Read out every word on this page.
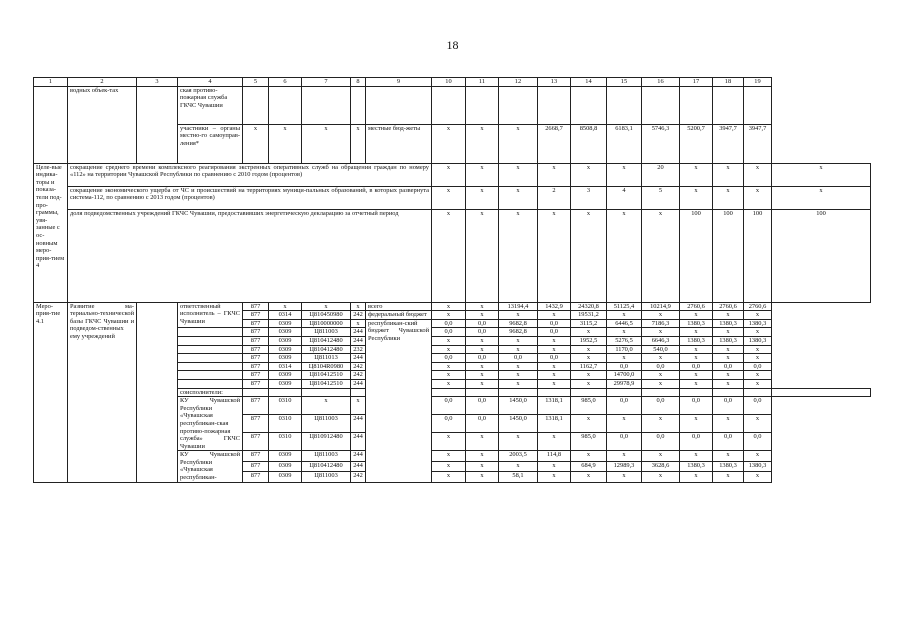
18
1	2	3	4	5	6	7	8	9	10	11	12	13	14	15	16	17	18	19	
	водных объек-тах		ская противо-пожарная служба ГКЧС Чувашии																
			участники – органы местно-го самоуправ-ления*	х	х	х	х	местные бюд-жеты	х	х	х	2668,7	8508,8	6183,1	5746,3	5200,7	3947,7	3947,7	
Целе-вые индика-торы и показа-тели под-про-граммы, увя-занные с ос-новным меро-прия-тием 4	сокращение среднего времени комплексного реагирования экстренных оперативных служб на обращения граждан по номеру «112» на территории Чувашской Республики по сравнению с 2010 годом (процентов)								х	х	х	х	х	х	20	х	х	х	х
	сокращение экономического ущерба от ЧС и происшествий на территориях муници-пальных образований, в которых развернута система-112, по сравнению с 2013 годом (процентов)								х	х	х	2	3	4	5	х	х	х	х
	доля подведомственных учреждений ГКЧС Чувашии, предоставивших энергетическую декларацию за отчетный период								х	х	х	х	х	х	х	100	100	100	100
Меро-прия-тие 4.1	Развитие ма-териально-технической базы ГКЧС Чувашии и подведом-ственных ему учреждений		ответственный исполнитель – ГКЧС Чувашии	877	х	х	х	всего	х	х	13194,4	1432,9	24320,8	51125,4	10214,9	2760,6	2760,6	2760,6	
				877	0314	Ц810450980	242	федеральный бюджет	х	х	х	х	19531,2	х	х	х	х	х	
				877	0309	Ц810000000	х	республикан-ский бюджет Чувашской Республики	0,0	0,0	9682,8	0,0	3115,2	6446,5	7186,3	1380,3	1380,3	1380,3	
				877	0309	Ц811003	244		0,0	0,0	9682,8	0,0	х	х	х	х	х	х	
				877	0309	Ц810412480	244		х	х	х	х	1952,5	5276,5	6646,3	1380,3	1380,3	1380,3	
				877	0309	Ц810412480	232		х	х	х	х	х	1170,0	540,0	х	х	х	
				877	0309	Ц811013	244		0,0	0,0	0,0	0,0	х	х	х	х	х	х	
				877	0314	Ц8104R0980	242		х	х	х	х	1162,7	0,0	0,0	0,0	0,0	0,0	
				877	0309	Ц810412510	242		х	х	х	х	х	14700,0	х	х	х	х	
				877	0309	Ц810412510	244		х	х	х	х	х	29978,9	х	х	х	х	
			соисполнители:																
			КУ Чувашской Республики «Чувашская республикан-ская противо-пожарная служба» ГКЧС Чувашии	877	0310	х	х		0,0	0,0	1450,0	1318,1	985,0	0,0	0,0	0,0	0,0	0,0	
				877	0310	Ц811003	244		0,0	0,0	1450,0	1318,1	х	х	х	х	х	х	
				877	0310	Ц810912480	244		х	х	х	х	985,0	0,0	0,0	0,0	0,0	0,0	
			КУ Чувашской Республики «Чувашская республикан-	877	0309	Ц811003	244		х	х	2003,5	114,8	х	х	х	х	х	х	
				877	0309	Ц810412480	244		х	х	х	х	684,9	12989,3	3628,6	1380,3	1380,3	1380,3	
				877	0309	Ц811003	242		х	х	58,1	х	х	х	х	х	х	х	
